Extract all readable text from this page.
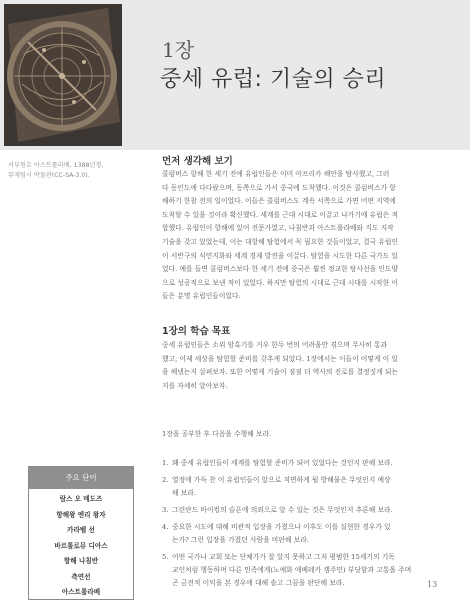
1장
중세 유럽: 기술의 승리
서부원호 아스트롤라베, 1388년경,
뮤제엄시 박물관(CC-SA-3.0).
먼저 생각해 보기

콜럼버스 항해 한 세기 전에 유럽인들은 이미 아프리카 해안을 탐사했고, 그러
다 동인도에 다다랐으며, 동쪽으로 가서 중국에 도착했다. 이것은 콜럼버스가 항
해하기 한참 전의 일이었다. 이들은 콜럼버스도 계속 서쪽으로 가면 어떤 지역에
도착할 수 있을 것이라 확신했다. 세계를 근대 시대로 이끌고 나가기에 유럽은 적
합했다. 유럽인이 항해에 있어 전문가였고, 나침반과 아스트롤라베와 지도 지작
기술을 갖고 있었는데, 이는 대항해 탐험에서 꼭 필요한 것들이었고, 결국 유럽인
이 서반구의 식민지화와 세계 경제 발전을 이끌다. 탐험을 시도한 다른 국가도 있
었다. 예를 들면 콜럼버스보다 한 세기 전에 중국은 훨씬 정교한 탐사선을 인도양
으로 성공적으로 보낸 적이 있었다. 하지만 탐험의 시대로 근대 시대를 시작한 이
들은 분명 유럽인들이었다.

1장의 학습 목표

중세 유럽인들은 소위 암흑기를 거우 한두 번의 어려움만 겪으며 무사히 통과
했고, 이제 세상을 탐험할 준비를 갖추게 되었다. 1장에서는 이들이 어떻게 이 일
을 해냈는지 살펴보자. 또한 어떻게 기술이 점점 더 역사의 진로를 결정짓게 되는
지를 자세히 알아보자.

1장을 공부한 후 다음을 수행해 보라.

1. 왜 중세 유럽인들이 세계를 탐험할 준비가 되어 있었다는 것인지 판해 보라.
2. 열정에 가득 찬 이 유럽인들이 앞으로 직면하게 될 방해물은 무엇인지 예상
해 보라.
3. 그린란드 바이킹의 슬픈에 의외으로 알 수 있는 것은 무엇인지 추론해 보라.
4. 중요한 시도에 대해 비관적 입장을 가졌으나 이후도 이를 실현한 경우가 있
는가? 그런 입장을 가졌던 사람을 비판해 보라.
5. 어떤 국가나 교회 또는 단체가가 잘 알지 못하고 그저 평범한 15세기의 기독
교인처럼 행동하며 다른 민족에게(노예화 애베레카 캠주민) 부당함과 고통을 주며
곤 금전적 이익을 본 경우에 대해 솔고 그끔을 판단해 보라.
주요 단어
람스 오 메도즈
항해왕 엔리 왕자
카라벨 선
바르톨로뮤 디아스
항해 나침반
측연선
아스트롤라베
13
